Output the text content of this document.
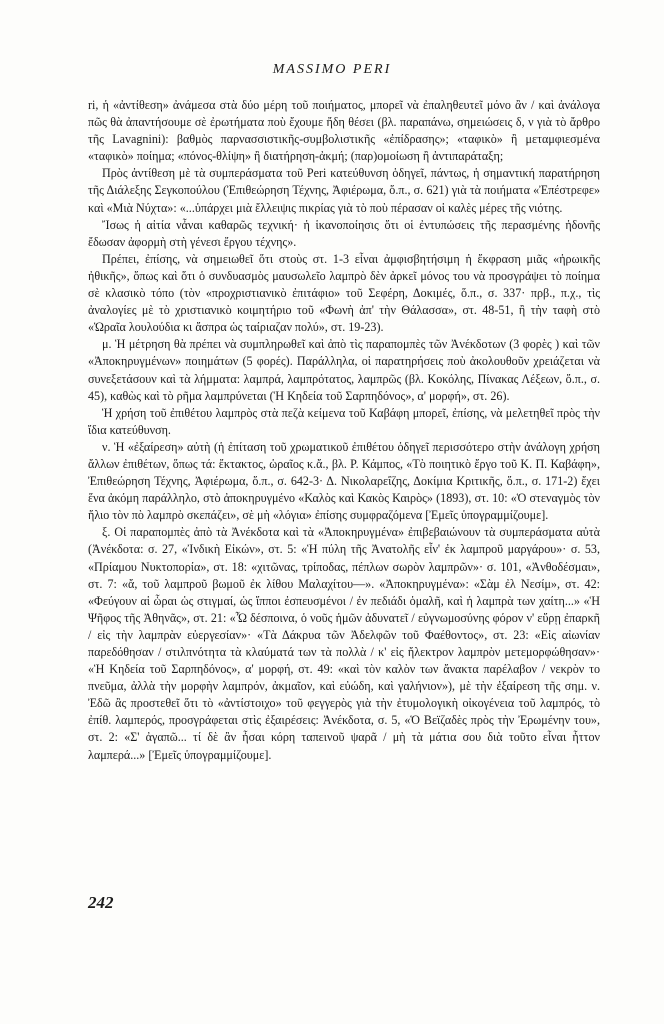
MASSIMO PERI

ri, ἡ «ἀντίθεση» ἀνάμεσα στὰ δύο μέρη τοῦ ποιήματος, μπορεῖ νὰ ἐπαληθευτεῖ μόνο ἂν / καὶ ἀνάλογα πῶς θὰ ἀπαντήσουμε σὲ ἐρωτήματα ποὺ ἔχουμε ἤδη θέσει (βλ. παραπάνω, σημειώσεις δ, ν γιὰ τὸ ἄρθρο τῆς Lavagnini): βαθμὸς παρνασσιστικῆς-συμβολιστικῆς «ἐπίδρασης»; «ταφικὸ» ἢ μεταμφιεσμένα «ταφικὸ» ποίημα; «πόνος-θλίψη» ἢ διατήρηση-ἀκμή; (παρ)ομοίωση ἢ ἀντιπαράταξη;

Πρὸς ἀντίθεση μὲ τὰ συμπεράσματα τοῦ Peri κατεύθυνση ὁδηγεῖ, πάντως, ἡ σημαντική παρατήρηση τῆς Διάλεξης Σεγκοπούλου (Ἐπιθεώρηση Τέχνης, Ἀφιέρωμα, ὅ.π., σ. 621) γιὰ τὰ ποιήματα «Ἐπέστρεφε» καὶ «Μιὰ Νύχτα»: «...ὑπάρχει μιὰ ἔλλειψις πικρίας γιὰ τὸ ποὺ πέρασαν οἱ καλὲς μέρες τῆς νιότης.

Ἴσως ἡ αἰτία νἆναι καθαρῶς τεχνική· ἡ ἱκανοποίησις ὅτι οἱ ἐντυπώσεις τῆς περασμένης ἡδονῆς ἔδωσαν ἀφορμὴ στὴ γένεσι ἔργου τέχνης».

Πρέπει, ἐπίσης, νὰ σημειωθεῖ ὅτι στοὺς στ. 1-3 εἶναι ἀμφισβητήσιμη ἡ ἔκφραση μιᾶς «ἡρωικῆς ἠθικῆς», ὅπως καὶ ὅτι ὁ συνδυασμὸς μαυσωλεῖο λαμπρὸ δὲν ἀρκεῖ μόνος του νὰ προσγράψει τὸ ποίημα σὲ κλασικὸ τόπο (τὸν «προχριστιανικὸ ἐπιτάφιο» τοῦ Σεφέρη, Δοκιμές, ὅ.π., σ. 337· πρβ., π.χ., τὶς ἀναλογίες μὲ τὸ χριστιανικὸ κοιμητήριο τοῦ «Φωνὴ ἀπ' τὴν Θάλασσα», στ. 48-51, ἢ τὴν ταφὴ στὸ «Ὡραῖα λουλούδια κι ἄσπρα ὡς ταίριαζαν πολύ», στ. 19-23).

μ. Ἡ μέτρηση θὰ πρέπει νὰ συμπληρωθεῖ καὶ ἀπὸ τὶς παραπομπὲς τῶν Ἀνέκδοτων (3 φορὲς ) καὶ τῶν «Ἀποκηρυγμένων» ποιημάτων (5 φορές). Παράλληλα, οἱ παρατηρήσεις ποὺ ἀκολουθοῦν χρειάζεται νὰ συνεξετάσουν καὶ τὰ λήμματα: λαμπρά, λαμπρότατος, λαμπρῶς (βλ. Κοκόλης, Πίνακας Λέξεων, ὅ.π., σ. 45), καθὼς καὶ τὸ ρῆμα λαμπρύνεται (Ἡ Κηδεία τοῦ Σαρπηδόνος», α' μορφή», στ. 26).

Ἡ χρήση τοῦ ἐπιθέτου λαμπρὸς στὰ πεζὰ κείμενα τοῦ Καβάφη μπορεῖ, ἐπίσης, νὰ μελετηθεῖ πρὸς τὴν ἴδια κατεύθυνση.

ν. Ἡ «ἐξαίρεση» αὐτὴ (ἡ ἐπίταση τοῦ χρωματικοῦ ἐπιθέτου ὁδηγεῖ περισσότερο στὴν ἀνάλογη χρήση ἄλλων ἐπιθέτων, ὅπως τά: ἔκτακτος, ὡραῖος κ.ἄ., βλ. Ρ. Κάμπος, «Τὸ ποιητικὸ ἔργο τοῦ Κ. Π. Καβάφη», Ἐπιθεώρηση Τέχνης, Ἀφιέρωμα, ὅ.π., σ. 642-3· Δ. Νικολαρεΐζης, Δοκίμια Κριτικῆς, ὅ.π., σ. 171-2) ἔχει ἕνα ἀκόμη παράλληλο, στὸ ἀποκηρυγμένο «Καλὸς καὶ Κακὸς Καιρὸς» (1893), στ. 10: «Ὁ στεναγμὸς τὸν ἥλιο τὸν πὸ λαμπρὸ σκεπάζει», σὲ μὴ «λόγια» ἐπίσης συμφραζόμενα [Ἐμεῖς ὑπογραμμίζουμε].

ξ. Οἱ παραπομπὲς ἀπὸ τὰ Ἀνέκδοτα καὶ τὰ «Ἀποκηρυγμένα» ἐπιβεβαιώνουν τὰ συμπεράσματα αὐτὰ (Ἀνέκδοτα: σ. 27, «Ἰνδικὴ Εἰκών», στ. 5: «Ἡ πύλη τῆς Ἀνατολῆς εἶν' ἐκ λαμπροῦ μαργάρου»· σ. 53, «Πρίαμου Νυκτοπορία», στ. 18: «χιτῶνας, τρίποδας, πέπλων σωρὸν λαμπρῶν»· σ. 101, «Ἀνθοδέσμαι», στ. 7: «ἄ, τοῦ λαμπροῦ βωμοῦ ἐκ λίθου Μαλαχίτου—». «Ἀποκηρυγμένα»: «Σὰμ ἐλ Νεσίμ», στ. 42: «Φεύγουν αἱ ὧραι ὡς στιγμαί, ὡς ἵπποι ἐσπευσμένοι / ἐν πεδιάδι ὁμαλῆ, καὶ ἡ λαμπρὰ των χαίτη...» «Ἡ Ψῆφος τῆς Ἀθηνᾶς», στ. 21: «Ὦ δέσποινα, ὁ νοῦς ἡμῶν ἀδυνατεῖ / εὐγνωμοσύνης φόρον ν' εὕρῃ ἐπαρκῆ / εἰς τὴν λαμπρὰν εὐεργεσίαν»· «Τὰ Δάκρυα τῶν Ἀδελφῶν τοῦ Φαέθοντος», στ. 23: «Εἰς αἰωνίαν παρεδόθησαν / στιλπνότητα τὰ κλαύματά των τὰ πολλὰ / κ' εἰς ἤλεκτρον λαμπρὸν μετεμορφώθησαν»· «Ἡ Κηδεία τοῦ Σαρπηδόνος», α' μορφή, στ. 49: «καὶ τὸν καλὸν των ἄνακτα παρέλαβον / νεκρὸν το πνεῦμα, ἀλλὰ τὴν μορφὴν λαμπρόν, ἀκμαῖον, καὶ εὐώδη, καὶ γαλήνιον»), μὲ τὴν ἐξαίρεση τῆς σημ. ν. Ἐδῶ ἂς προστεθεῖ ὅτι τὸ «ἀντίστοιχο» τοῦ φεγγερὸς γιὰ τὴν ἐτυμολογικὴ οἰκογένεια τοῦ λαμπρός, τὸ ἐπίθ. λαμπερός, προσγράφεται στὶς ἐξαιρέσεις: Ἀνέκδοτα, σ. 5, «Ὁ Βεϊζαδὲς πρὸς τὴν Ἐρωμένην του», στ. 2: «Σ' ἀγαπῶ... τί δὲ ἂν ἦσαι κόρη ταπεινοῦ ψαρᾶ / μὴ τὰ μάτια σου διὰ τοῦτο εἶναι ἧττον λαμπερά...» [Ἐμεῖς ὑπογραμμίζουμε].

242
